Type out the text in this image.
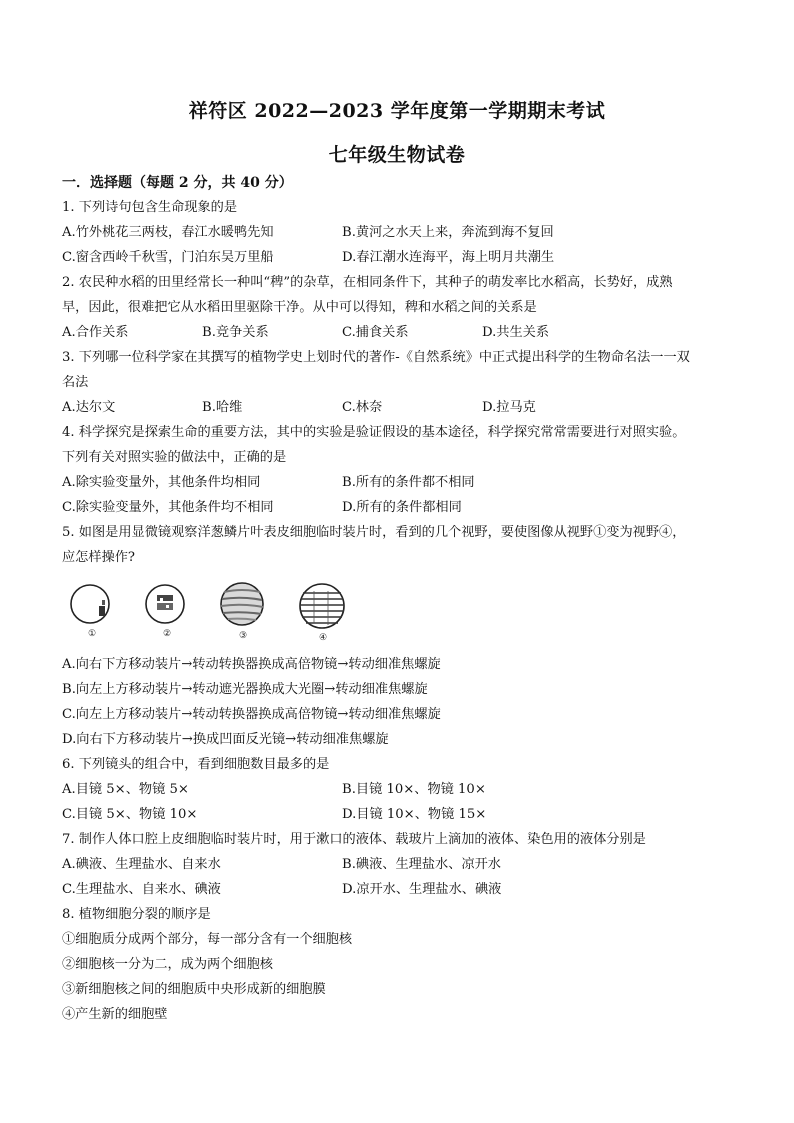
祥符区 2022—2023 学年度第一学期期末考试
七年级生物试卷
一．选择题（每题 2 分，共 40 分）
1. 下列诗句包含生命现象的是
A.竹外桃花三两枝，春江水暖鸭先知	B.黄河之水天上来，奔流到海不复回
C.窗含西岭千秋雪，门泊东吴万里船	D.春江潮水连海平，海上明月共潮生
2. 农民种水稻的田里经常长一种叫“稗”的杂草，在相同条件下，其种子的萌发率比水稻高，长势好，成熟
早，因此，很难把它从水稻田里驱除干净。从中可以得知，稗和水稻之间的关系是
A.合作关系	B.竞争关系	C.捕食关系	D.共生关系
3. 下列哪一位科学家在其撰写的植物学史上划时代的著作-《自然系统》中正式提出科学的生物命名法一一双
名法
A.达尔文	B.哈维	C.林奈	D.拉马克
4. 科学探究是探索生命的重要方法，其中的实验是验证假设的基本途径，科学探究常常需要进行对照实验。
下列有关对照实验的做法中，正确的是
A.除实验变量外，其他条件均相同	B.所有的条件都不相同
C.除实验变量外，其他条件均不相同	D.所有的条件都相同
5. 如图是用显微镜观察洋葱鳞片叶表皮细胞临时装片时，看到的几个视野，要使图像从视野①变为视野④，
应怎样操作?
①	②	③	④
A.向右下方移动装片→转动转换器换成高倍物镜→转动细准焦螺旋
B.向左上方移动装片→转动遮光器换成大光圈→转动细准焦螺旋
C.向左上方移动装片→转动转换器换成高倍物镜→转动细准焦螺旋
D.向右下方移动装片→换成凹面反光镜→转动细准焦螺旋
6. 下列镜头的组合中，看到细胞数目最多的是
A.目镜 5×、物镜 5×	B.目镜 10×、物镜 10×
C.目镜 5×、物镜 10×	D.目镜 10×、物镜 15×
7. 制作人体口腔上皮细胞临时装片时，用于漱口的液体、载玻片上滴加的液体、染色用的液体分别是
A.碘液、生理盐水、自来水	B.碘液、生理盐水、凉开水
C.生理盐水、自来水、碘液	D.凉开水、生理盐水、碘液
8. 植物细胞分裂的顺序是
①细胞质分成两个部分，每一部分含有一个细胞核
②细胞核一分为二，成为两个细胞核
③新细胞核之间的细胞质中央形成新的细胞膜
④产生新的细胞壁
